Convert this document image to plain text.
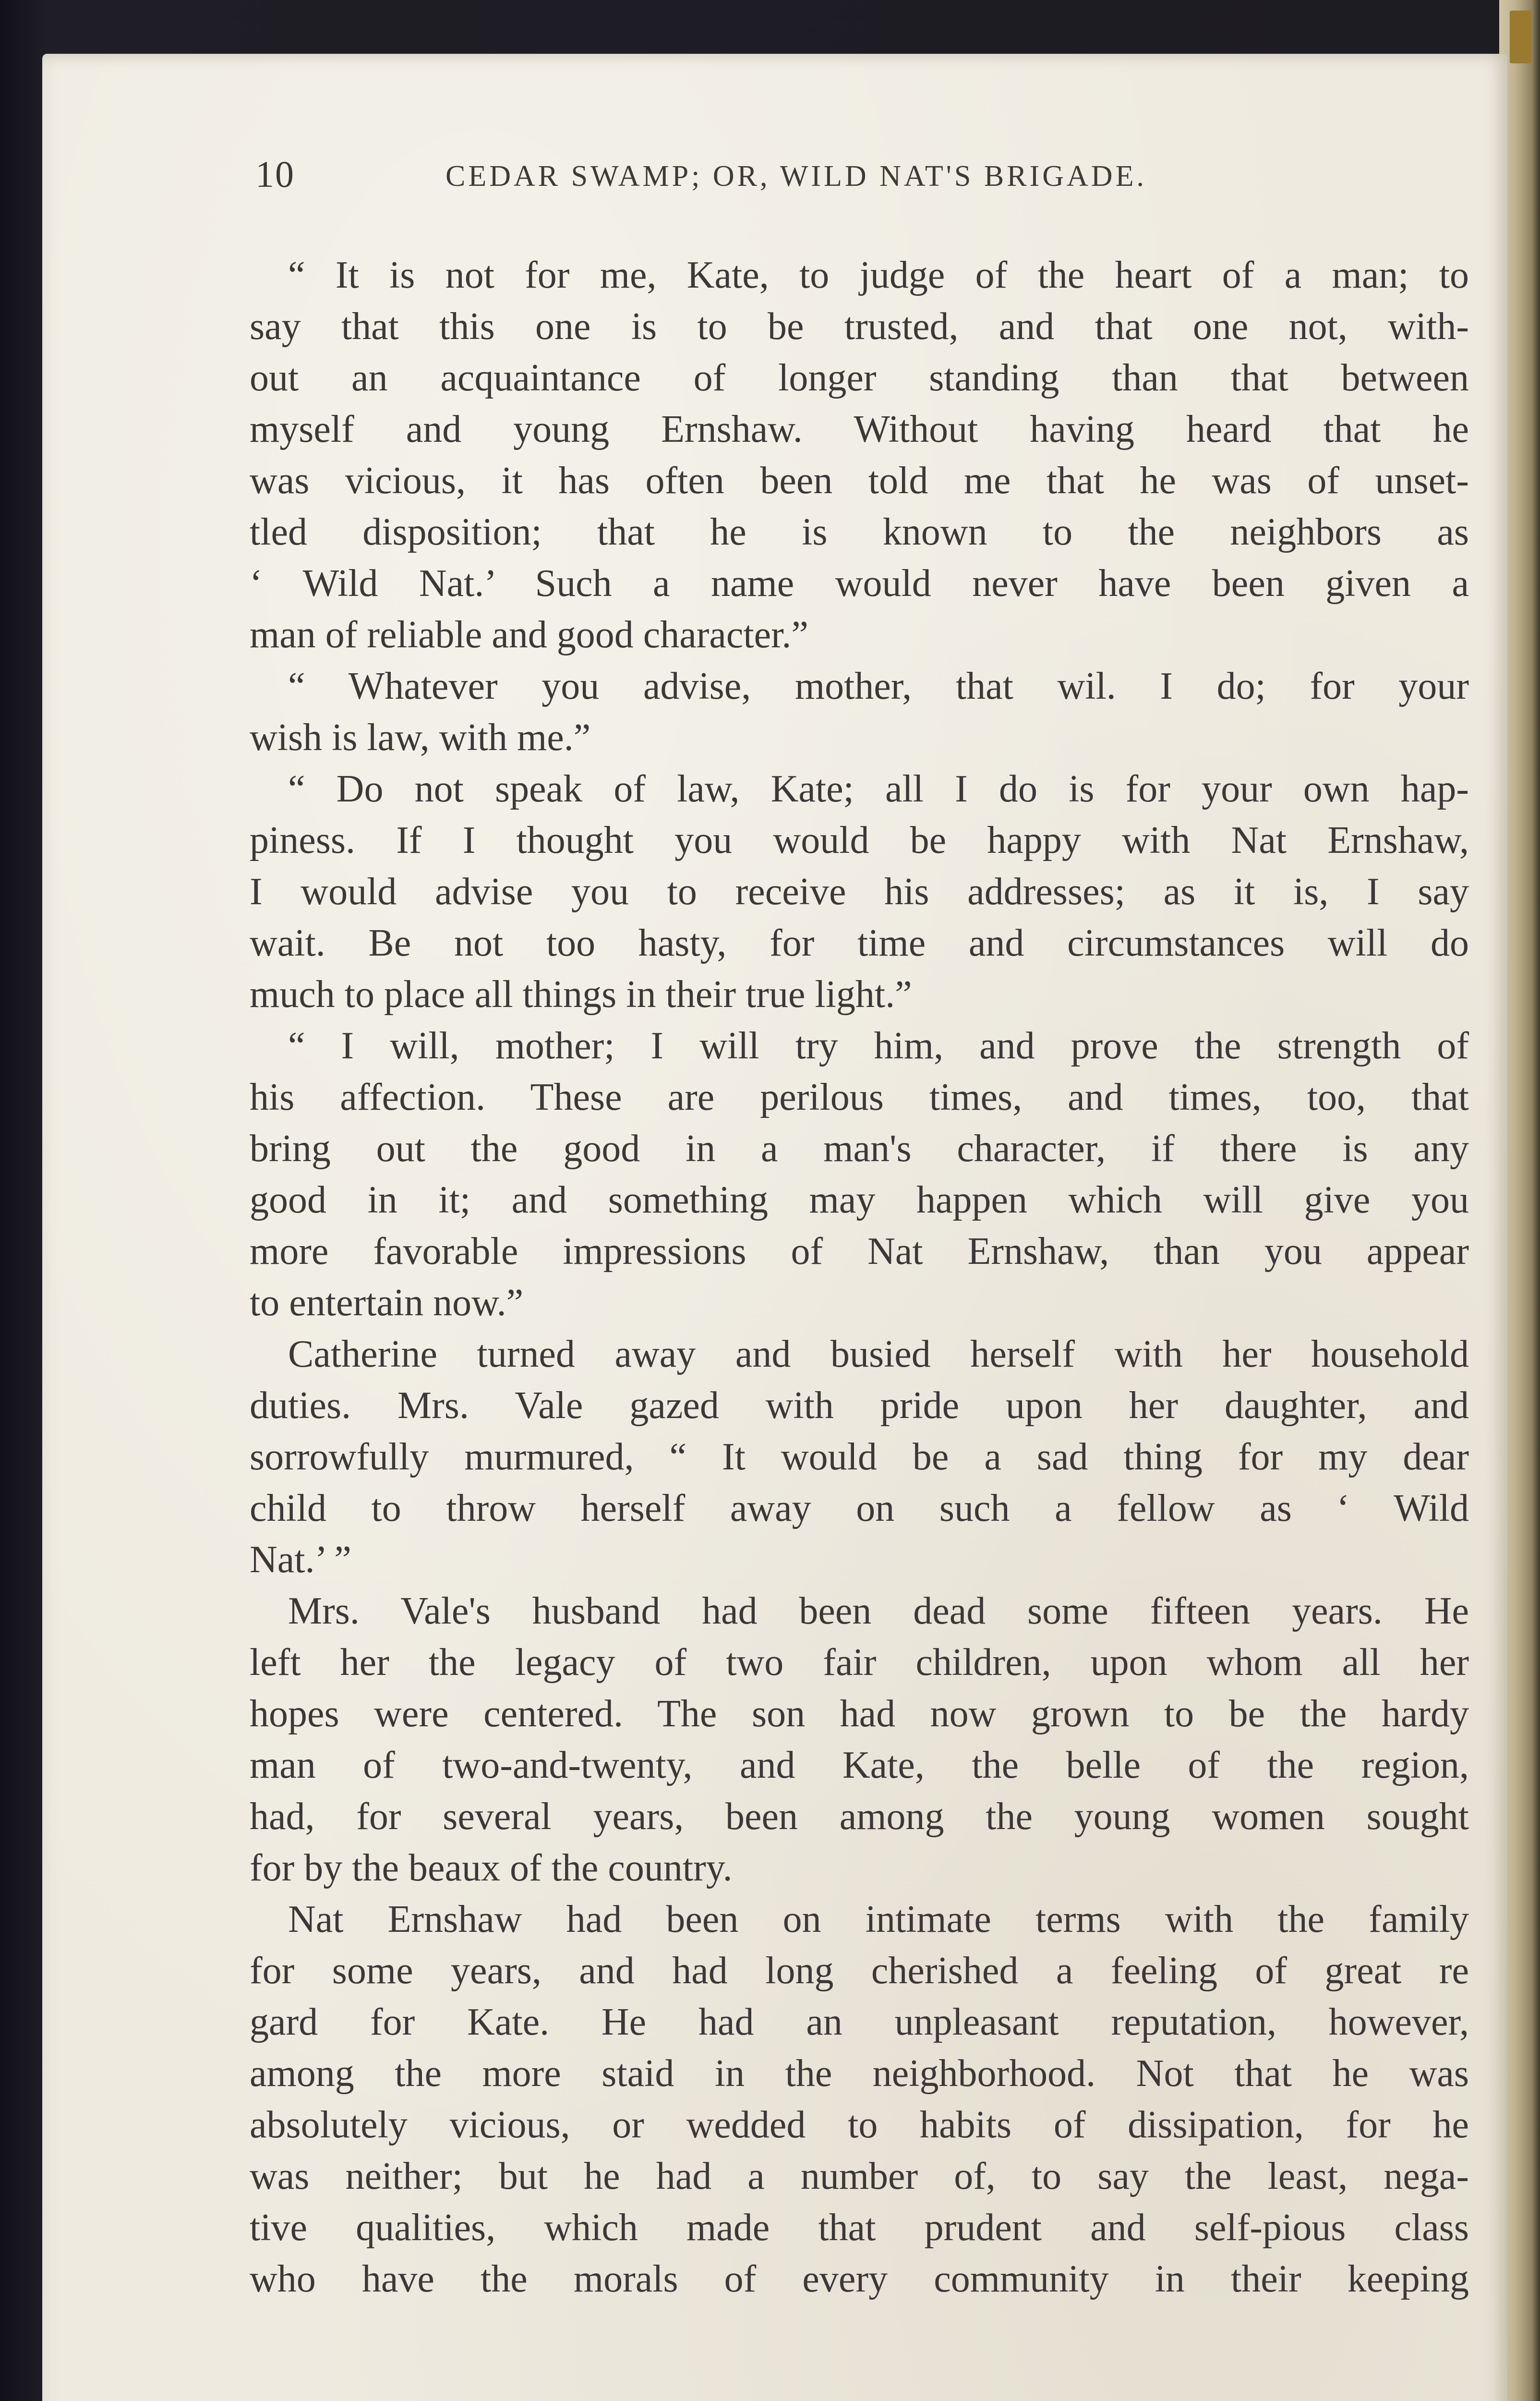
10	CEDAR SWAMP; OR, WILD NAT'S BRIGADE.
“ It is not for me, Kate, to judge of the heart of a man; to
say that this one is to be trusted, and that one not, with-
out an acquaintance of longer standing than that between
myself and young Ernshaw. Without having heard that he
was vicious, it has often been told me that he was of unset-
tled disposition; that he is known to the neighbors as
‘ Wild Nat.’ Such a name would never have been given a
man of reliable and good character.”
“ Whatever you advise, mother, that wil. I do; for your
wish is law, with me.”
“ Do not speak of law, Kate; all I do is for your own hap-
piness. If I thought you would be happy with Nat Ernshaw,
I would advise you to receive his addresses; as it is, I say
wait. Be not too hasty, for time and circumstances will do
much to place all things in their true light.”
“ I will, mother; I will try him, and prove the strength of
his affection. These are perilous times, and times, too, that
bring out the good in a man's character, if there is any
good in it; and something may happen which will give you
more favorable impressions of Nat Ernshaw, than you appear
to entertain now.”
Catherine turned away and busied herself with her household
duties. Mrs. Vale gazed with pride upon her daughter, and
sorrowfully murmured, “ It would be a sad thing for my dear
child to throw herself away on such a fellow as ‘ Wild
Nat.’ ”
Mrs. Vale's husband had been dead some fifteen years. He
left her the legacy of two fair children, upon whom all her
hopes were centered. The son had now grown to be the hardy
man of two-and-twenty, and Kate, the belle of the region,
had, for several years, been among the young women sought
for by the beaux of the country.
Nat Ernshaw had been on intimate terms with the family
for some years, and had long cherished a feeling of great re
gard for Kate. He had an unpleasant reputation, however,
among the more staid in the neighborhood. Not that he was
absolutely vicious, or wedded to habits of dissipation, for he
was neither; but he had a number of, to say the least, nega-
tive qualities, which made that prudent and self-pious class
who have the morals of every community in their keeping
